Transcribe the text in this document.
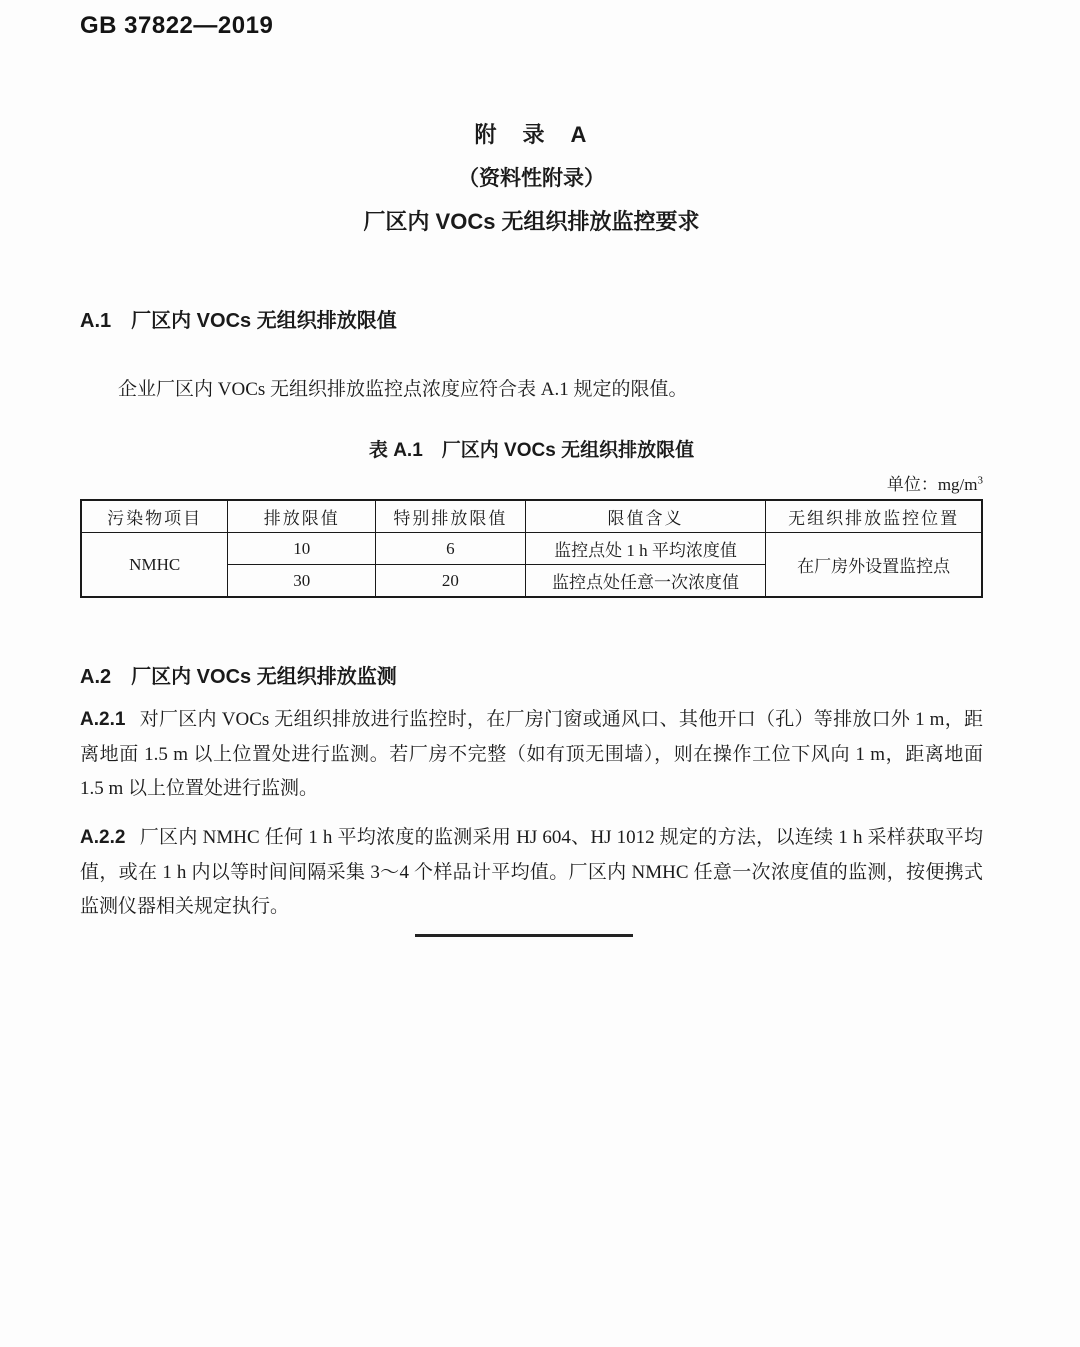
GB 37822—2019
附　录　A
（资料性附录）
厂区内 VOCs 无组织排放监控要求
A.1　厂区内 VOCs 无组织排放限值

企业厂区内 VOCs 无组织排放监控点浓度应符合表 A.1 规定的限值。

表 A.1　厂区内 VOCs 无组织排放限值
单位：$mg/m^3$
污染物项目	排放限值	特别排放限值	限值含义	无组织排放监控位置
NMHC	10	6	监控点处 1 h 平均浓度值	在厂房外设置监控点
	30	20	监控点处任意一次浓度值	
A.2　厂区内 VOCs 无组织排放监测

A.2.1 对厂区内 VOCs 无组织排放进行监控时，在厂房门窗或通风口、其他开口（孔）等排放口外 1 m，距离地面 1.5 m 以上位置处进行监测。若厂房不完整（如有顶无围墙），则在操作工位下风向 1 m，距离地面 1.5 m 以上位置处进行监测。

A.2.2 厂区内 NMHC 任何 1 h 平均浓度的监测采用 HJ 604、HJ 1012 规定的方法，以连续 1 h 采样获取平均值，或在 1 h 内以等时间间隔采集 3～4 个样品计平均值。厂区内 NMHC 任意一次浓度值的监测，按便携式监测仪器相关规定执行。
